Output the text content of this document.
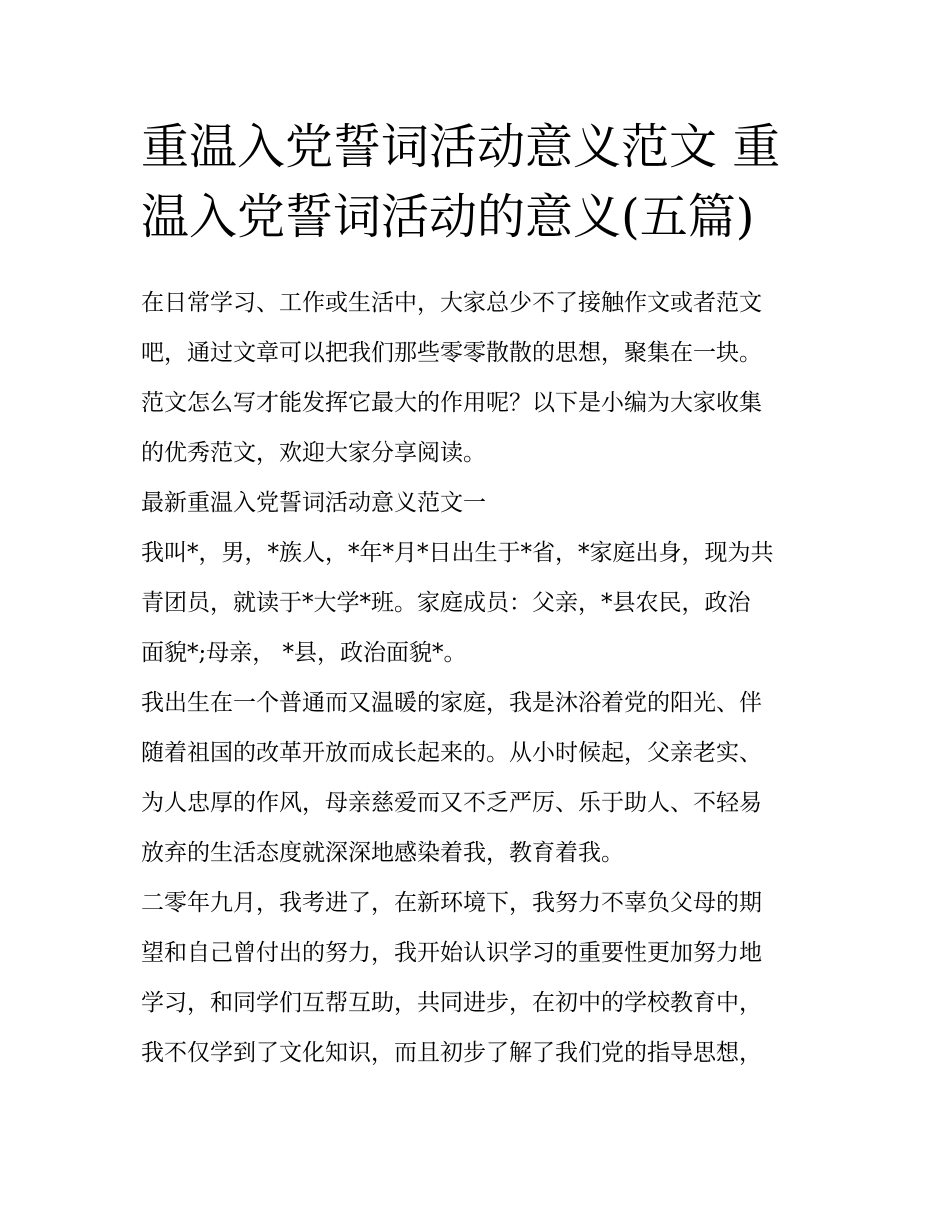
重温入党誓词活动意义范文 重
温入党誓词活动的意义(五篇)
在日常学习、工作或生活中，大家总少不了接触作文或者范文
吧，通过文章可以把我们那些零零散散的思想，聚集在一块。
范文怎么写才能发挥它最大的作用呢？以下是小编为大家收集
的优秀范文，欢迎大家分享阅读。
最新重温入党誓词活动意义范文一
我叫*，男，*族人，*年*月*日出生于*省，*家庭出身，现为共
青团员，就读于*大学*班。家庭成员：父亲，*县农民，政治
面貌*;母亲， *县，政治面貌*。
我出生在一个普通而又温暖的家庭，我是沐浴着党的阳光、伴
随着祖国的改革开放而成长起来的。从小时候起，父亲老实、
为人忠厚的作风，母亲慈爱而又不乏严厉、乐于助人、不轻易
放弃的生活态度就深深地感染着我，教育着我。
二零年九月，我考进了，在新环境下，我努力不辜负父母的期
望和自己曾付出的努力，我开始认识学习的重要性更加努力地
学习，和同学们互帮互助，共同进步，在初中的学校教育中，
我不仅学到了文化知识，而且初步了解了我们党的指导思想，
